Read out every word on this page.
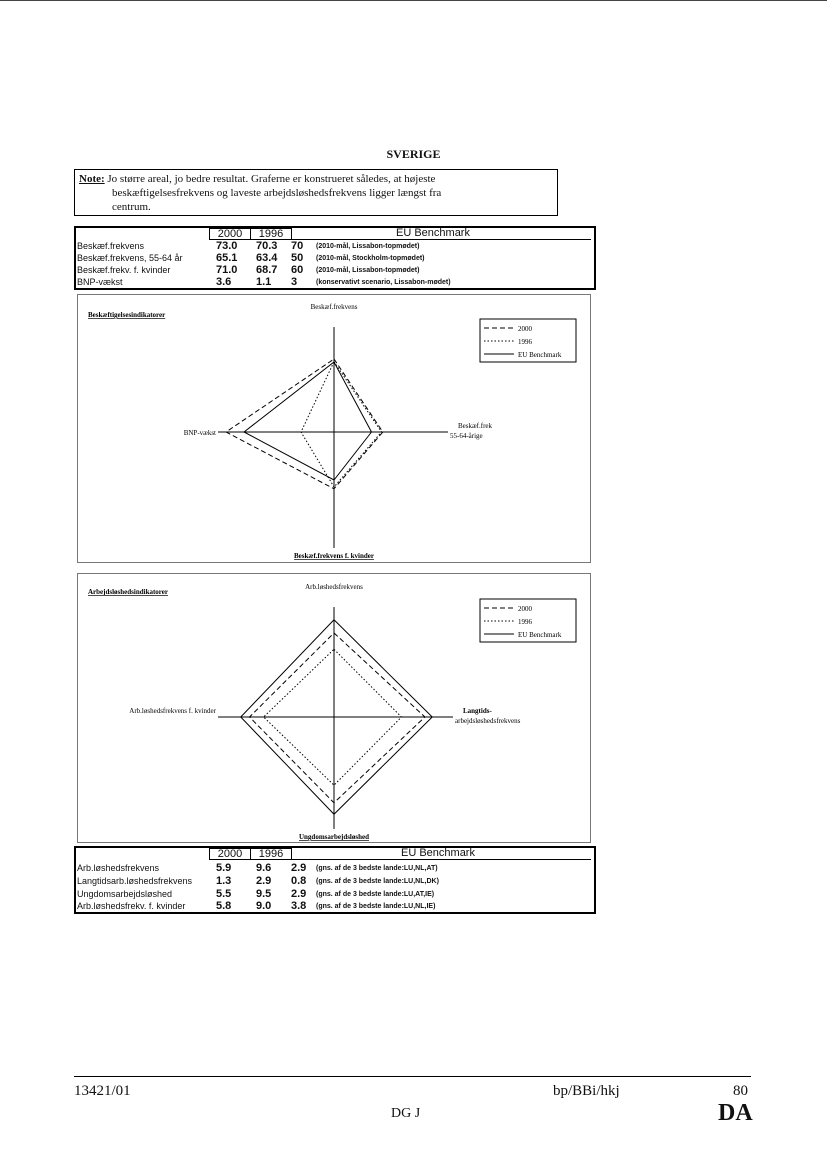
SVERIGE
Note: Jo større areal, jo bedre resultat. Graferne er konstrueret således, at højeste
beskæftigelsesfrekvens og laveste arbejdsløshedsfrekvens ligger længst fra
centrum.
2000	1996	EU Benchmark
Beskæf.frekvens	73.0 70.3 70 (2010-mål, Lissabon-topmødet)
Beskæf.frekvens, 55-64 år	65.1 63.4 50 (2010-mål, Stockholm-topmødet)
Beskæf.frekv. f. kvinder	71.0 68.7 60 (2010-mål, Lissabon-topmødet)
BNP-vækst	3.6 1.1 3	(konservativt scenario, Lissabon-mødet)
Beskæf.frekvens
Beskæf.frek
55-64-årige
Beskæf.frekvens f. kvinder
BNP-vækst
Beskæftigelsesindikatorer
2000
1996
EU Benchmark
Arb.løshedsfrekvens
Langtids-
arbejdsløshedsfrekvens
Ungdomsarbejdsløshed
Arb.løshedsfrekvens f. kvinder
Arbejdsløshedsindikatorer
2000
1996
EU Benchmark
2000	1996	EU Benchmark
Arb.løshedsfrekvens	5.9 9.6 2.9 (gns. af de 3 bedste lande:LU,NL,AT)
Langtidsarb.løshedsfrekvens 1.3 2.9 0.8 (gns. af de 3 bedste lande:LU,NL,DK)
Ungdomsarbejdsløshed	5.5 9.5 2.9 (gns. af de 3 bedste lande:LU,AT,IE)
Arb.løshedsfrekv. f. kvinder	5.8 9.0 3.8 (gns. af de 3 bedste lande:LU,NL,IE)
13421/01	bp/BBi/hkj	80
DG J	DA
